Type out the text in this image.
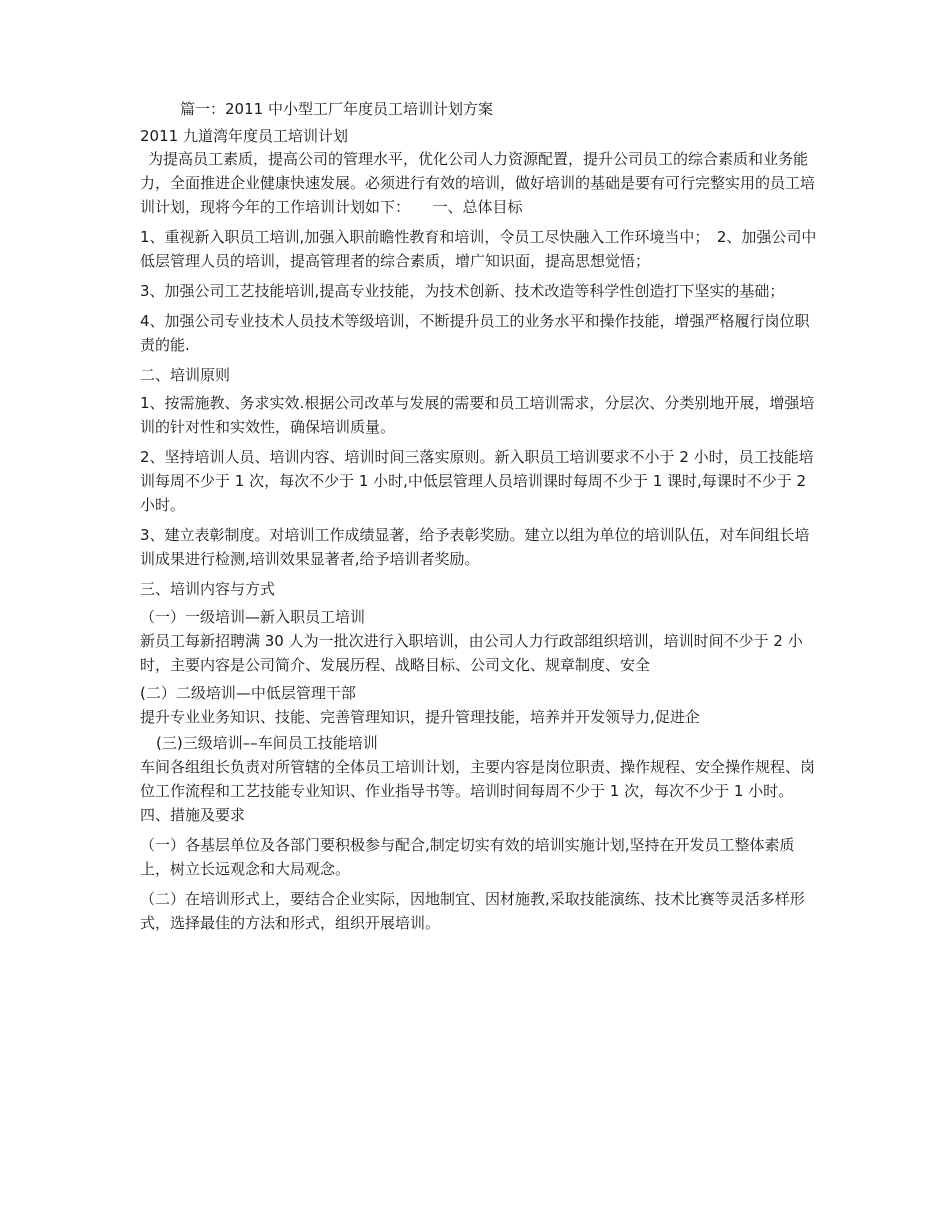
篇一：2011 中小型工厂年度员工培训计划方案

2011 九道湾年度员工培训计划

为提高员工素质，提高公司的管理水平，优化公司人力资源配置，提升公司员工的综合素质和业务能力，全面推进企业健康快速发展。必须进行有效的培训，做好培训的基础是要有可行完整实用的员工培训计划，现将今年的工作培训计划如下：　　一、总体目标

1、重视新入职员工培训,加强入职前瞻性教育和培训，令员工尽快融入工作环境当中；　2、加强公司中低层管理人员的培训，提高管理者的综合素质，增广知识面，提高思想觉悟；

3、加强公司工艺技能培训,提高专业技能，为技术创新、技术改造等科学性创造打下坚实的基础；

4、加强公司专业技术人员技术等级培训，不断提升员工的业务水平和操作技能，增强严格履行岗位职责的能.

二、培训原则

1、按需施教、务求实效.根据公司改革与发展的需要和员工培训需求，分层次、分类别地开展，增强培训的针对性和实效性，确保培训质量。

2、坚持培训人员、培训内容、培训时间三落实原则。新入职员工培训要求不小于 2 小时，员工技能培训每周不少于 1 次，每次不少于 1 小时,中低层管理人员培训课时每周不少于 1 课时,每课时不少于 2 小时。

3、建立表彰制度。对培训工作成绩显著，给予表彰奖励。建立以组为单位的培训队伍，对车间组长培训成果进行检测,培训效果显著者,给予培训者奖励。

三、培训内容与方式

（一）一级培训—新入职员工培训

新员工每新招聘满 30 人为一批次进行入职培训，由公司人力行政部组织培训，培训时间不少于 2 小时，主要内容是公司简介、发展历程、战略目标、公司文化、规章制度、安全

(二）二级培训—中低层管理干部

提升专业业务知识、技能、完善管理知识，提升管理技能，培养并开发领导力,促进企

(三)三级培训––车间员工技能培训

车间各组组长负责对所管辖的全体员工培训计划，主要内容是岗位职责、操作规程、安全操作规程、岗位工作流程和工艺技能专业知识、作业指导书等。培训时间每周不少于 1 次，每次不少于 1 小时。四、措施及要求

（一）各基层单位及各部门要积极参与配合,制定切实有效的培训实施计划,坚持在开发员工整体素质上，树立长远观念和大局观念。

（二）在培训形式上，要结合企业实际，因地制宜、因材施教,采取技能演练、技术比赛等灵活多样形式，选择最佳的方法和形式，组织开展培训。
